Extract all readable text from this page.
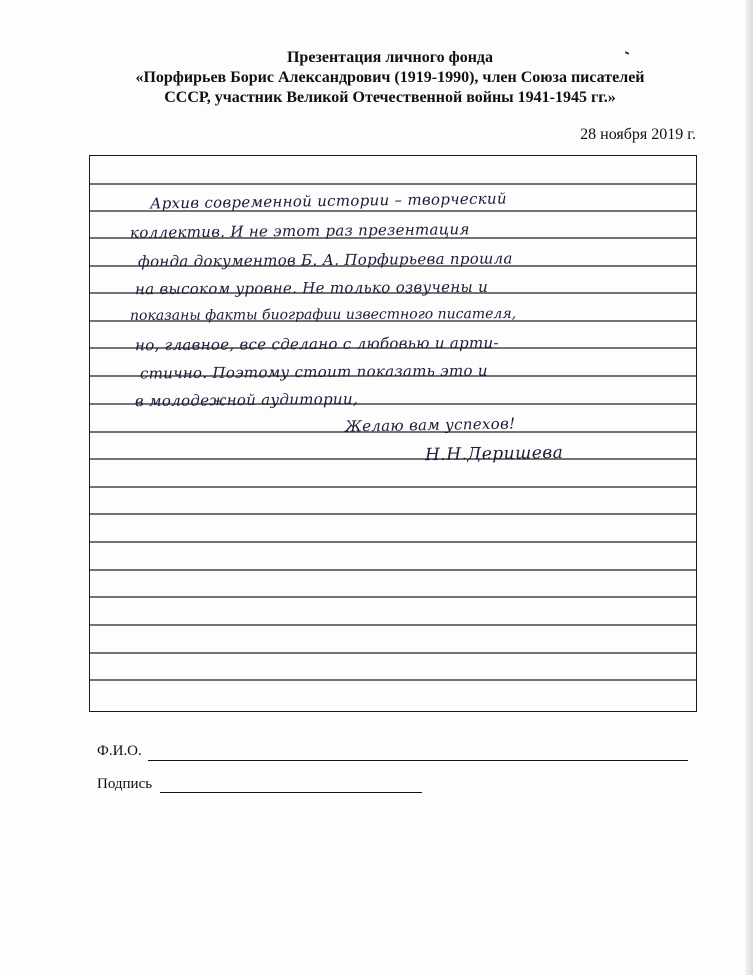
Презентация личного фонда
«Порфирьев Борис Александрович (1919-1990), член Союза писателей
СССР, участник Великой Отечественной войны 1941-1945 гг.»
28 ноября 2019 г.
Архив современной истории – творческий
коллектив. И не этот раз презентация
фонда документов Б. А. Порфирьева прошла
на высоком уровне. Не только озвучены и
показаны факты биографии известного писателя,
но, главное, все сделано с любовью и арти-
стично. Поэтому стоит показать это и
в молодежной аудитории,
Желаю вам успехов!
Н.Н.Деришева
Ф.И.О.
Подпись
